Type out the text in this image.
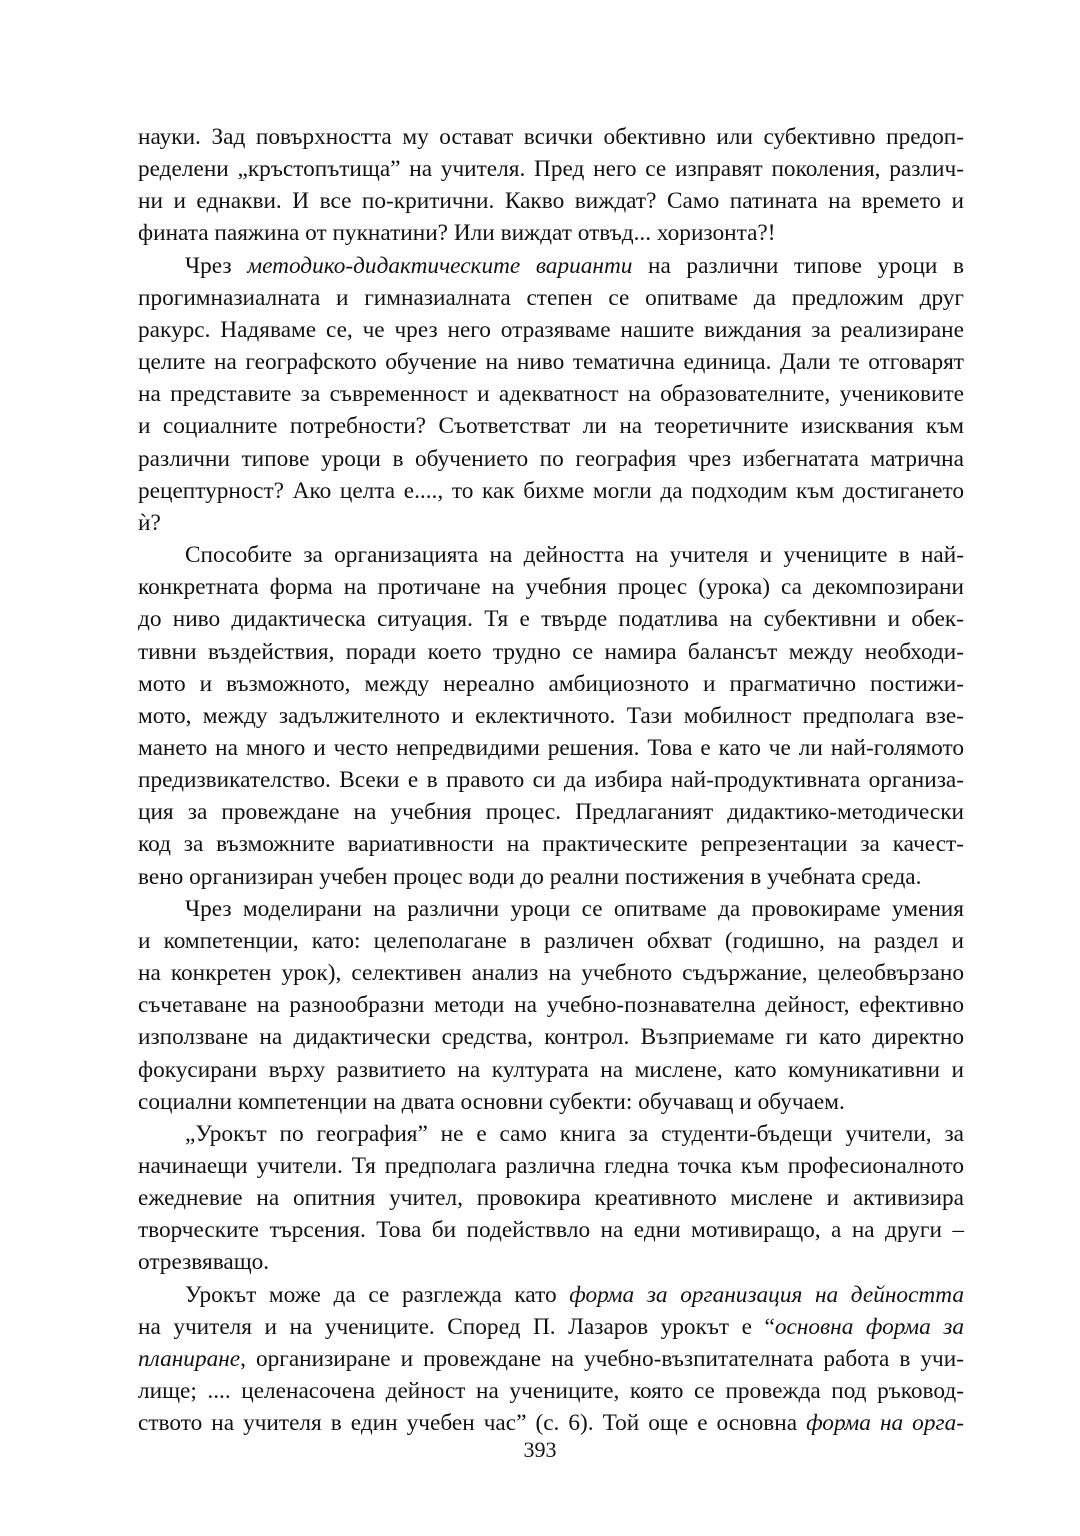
науки. Зад повърхността му остават всички обективно или субективно предоп-
ределени „кръстопътища” на учителя. Пред него се изправят поколения, различ-
ни и еднакви. И все по-критични. Какво виждат? Само патината на времето и
фината паяжина от пукнатини? Или виждат отвъд... хоризонта?!
Чрез методико-дидактическите варианти на различни типове уроци в
прогимназиалната и гимназиалната степен се опитваме да предложим друг
ракурс. Надяваме се, че чрез него отразяваме нашите виждания за реализиране
целите на географското обучение на ниво тематична единица. Дали те отговарят
на представите за съвременност и адекватност на образователните, учениковите
и социалните потребности? Съответстват ли на теоретичните изисквания към
различни типове уроци в обучението по география чрез избегнатата матрична
рецептурност? Ако целта е...., то как бихме могли да подходим към достигането
ѝ?
Способите за организацията на дейността на учителя и учениците в най-
конкретната форма на протичане на учебния процес (урока) са декомпозирани
до ниво дидактическа ситуация. Тя е твърде податлива на субективни и обек-
тивни въздействия, поради което трудно се намира балансът между необходи-
мото и възможното, между нереално амбициозното и прагматично постижи-
мото, между задължителното и еклектичното. Тази мобилност предполага взе-
мането на много и често непредвидими решения. Това е като че ли най-голямото
предизвикателство. Всеки е в правото си да избира най-продуктивната организа-
ция за провеждане на учебния процес. Предлаганият дидактико-методически
код за възможните вариативности на практическите репрезентации за качест-
вено организиран учебен процес води до реални постижения в учебната среда.
Чрез моделирани на различни уроци се опитваме да провокираме умения
и компетенции, като: целеполагане в различен обхват (годишно, на раздел и
на конкретен урок), селективен анализ на учебното съдържание, целеобвързано
съчетаване на разнообразни методи на учебно-познавателна дейност, ефективно
използване на дидактически средства, контрол. Възприемаме ги като директно
фокусирани върху развитието на културата на мислене, като комуникативни и
социални компетенции на двата основни субекти: обучаващ и обучаем.
„Урокът по география” не е само книга за студенти-бъдещи учители, за
начинаещи учители. Тя предполага различна гледна точка към професионалното
ежедневие на опитния учител, провокира креативното мислене и активизира
творческите търсения. Това би подействвло на едни мотивиращо, а на други –
отрезвяващо.
Урокът може да се разглежда като форма за организация на дейността
на учителя и на учениците. Според П. Лазаров урокът е “основна форма за
планиране, организиране и провеждане на учебно-възпитателната работа в учи-
лище; .... целенасочена дейност на учениците, която се провежда под ръковод-
ството на учителя в един учебен час” (с. 6). Той още е основна форма на орга-
393
